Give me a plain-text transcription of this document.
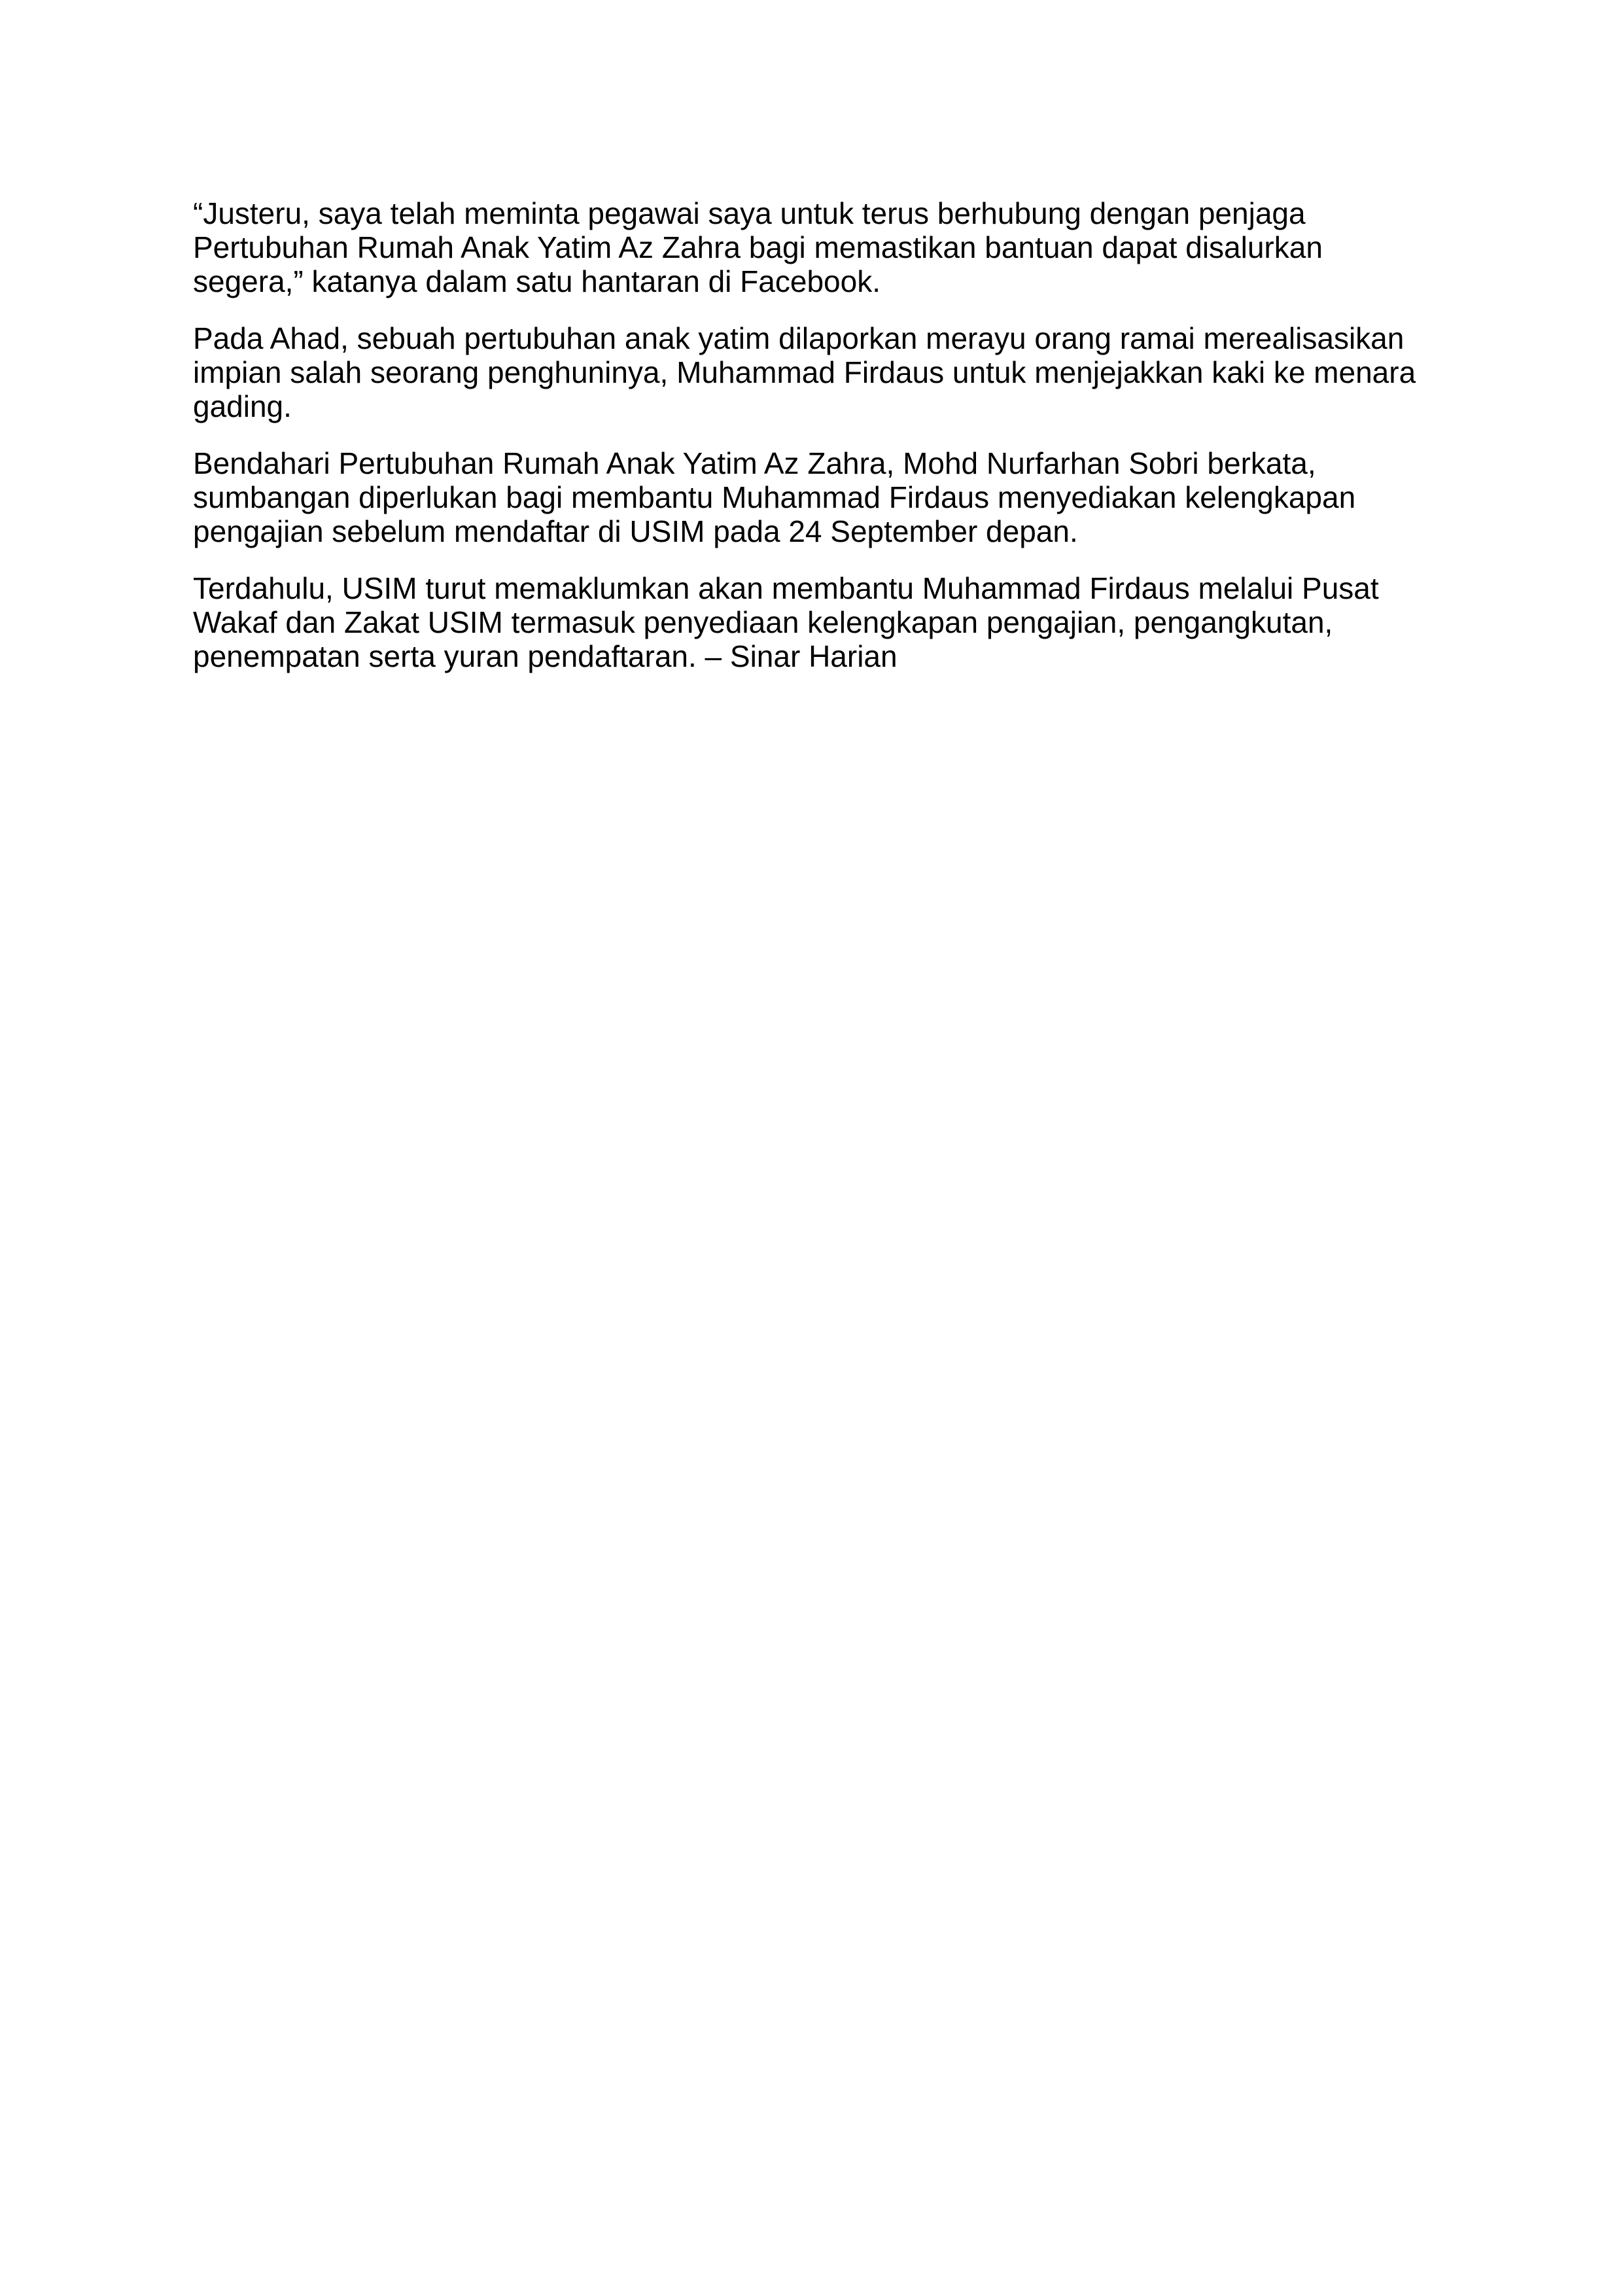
“Justeru, saya telah meminta pegawai saya untuk terus berhubung dengan penjaga Pertubuhan Rumah Anak Yatim Az Zahra bagi memastikan bantuan dapat disalurkan segera,” katanya dalam satu hantaran di Facebook.

Pada Ahad, sebuah pertubuhan anak yatim dilaporkan merayu orang ramai merealisasikan impian salah seorang penghuninya, Muhammad Firdaus untuk menjejakkan kaki ke menara gading.

Bendahari Pertubuhan Rumah Anak Yatim Az Zahra, Mohd Nurfarhan Sobri berkata, sumbangan diperlukan bagi membantu Muhammad Firdaus menyediakan kelengkapan pengajian sebelum mendaftar di USIM pada 24 September depan.

Terdahulu, USIM turut memaklumkan akan membantu Muhammad Firdaus melalui Pusat Wakaf dan Zakat USIM termasuk penyediaan kelengkapan pengajian, pengangkutan, penempatan serta yuran pendaftaran. – Sinar Harian
